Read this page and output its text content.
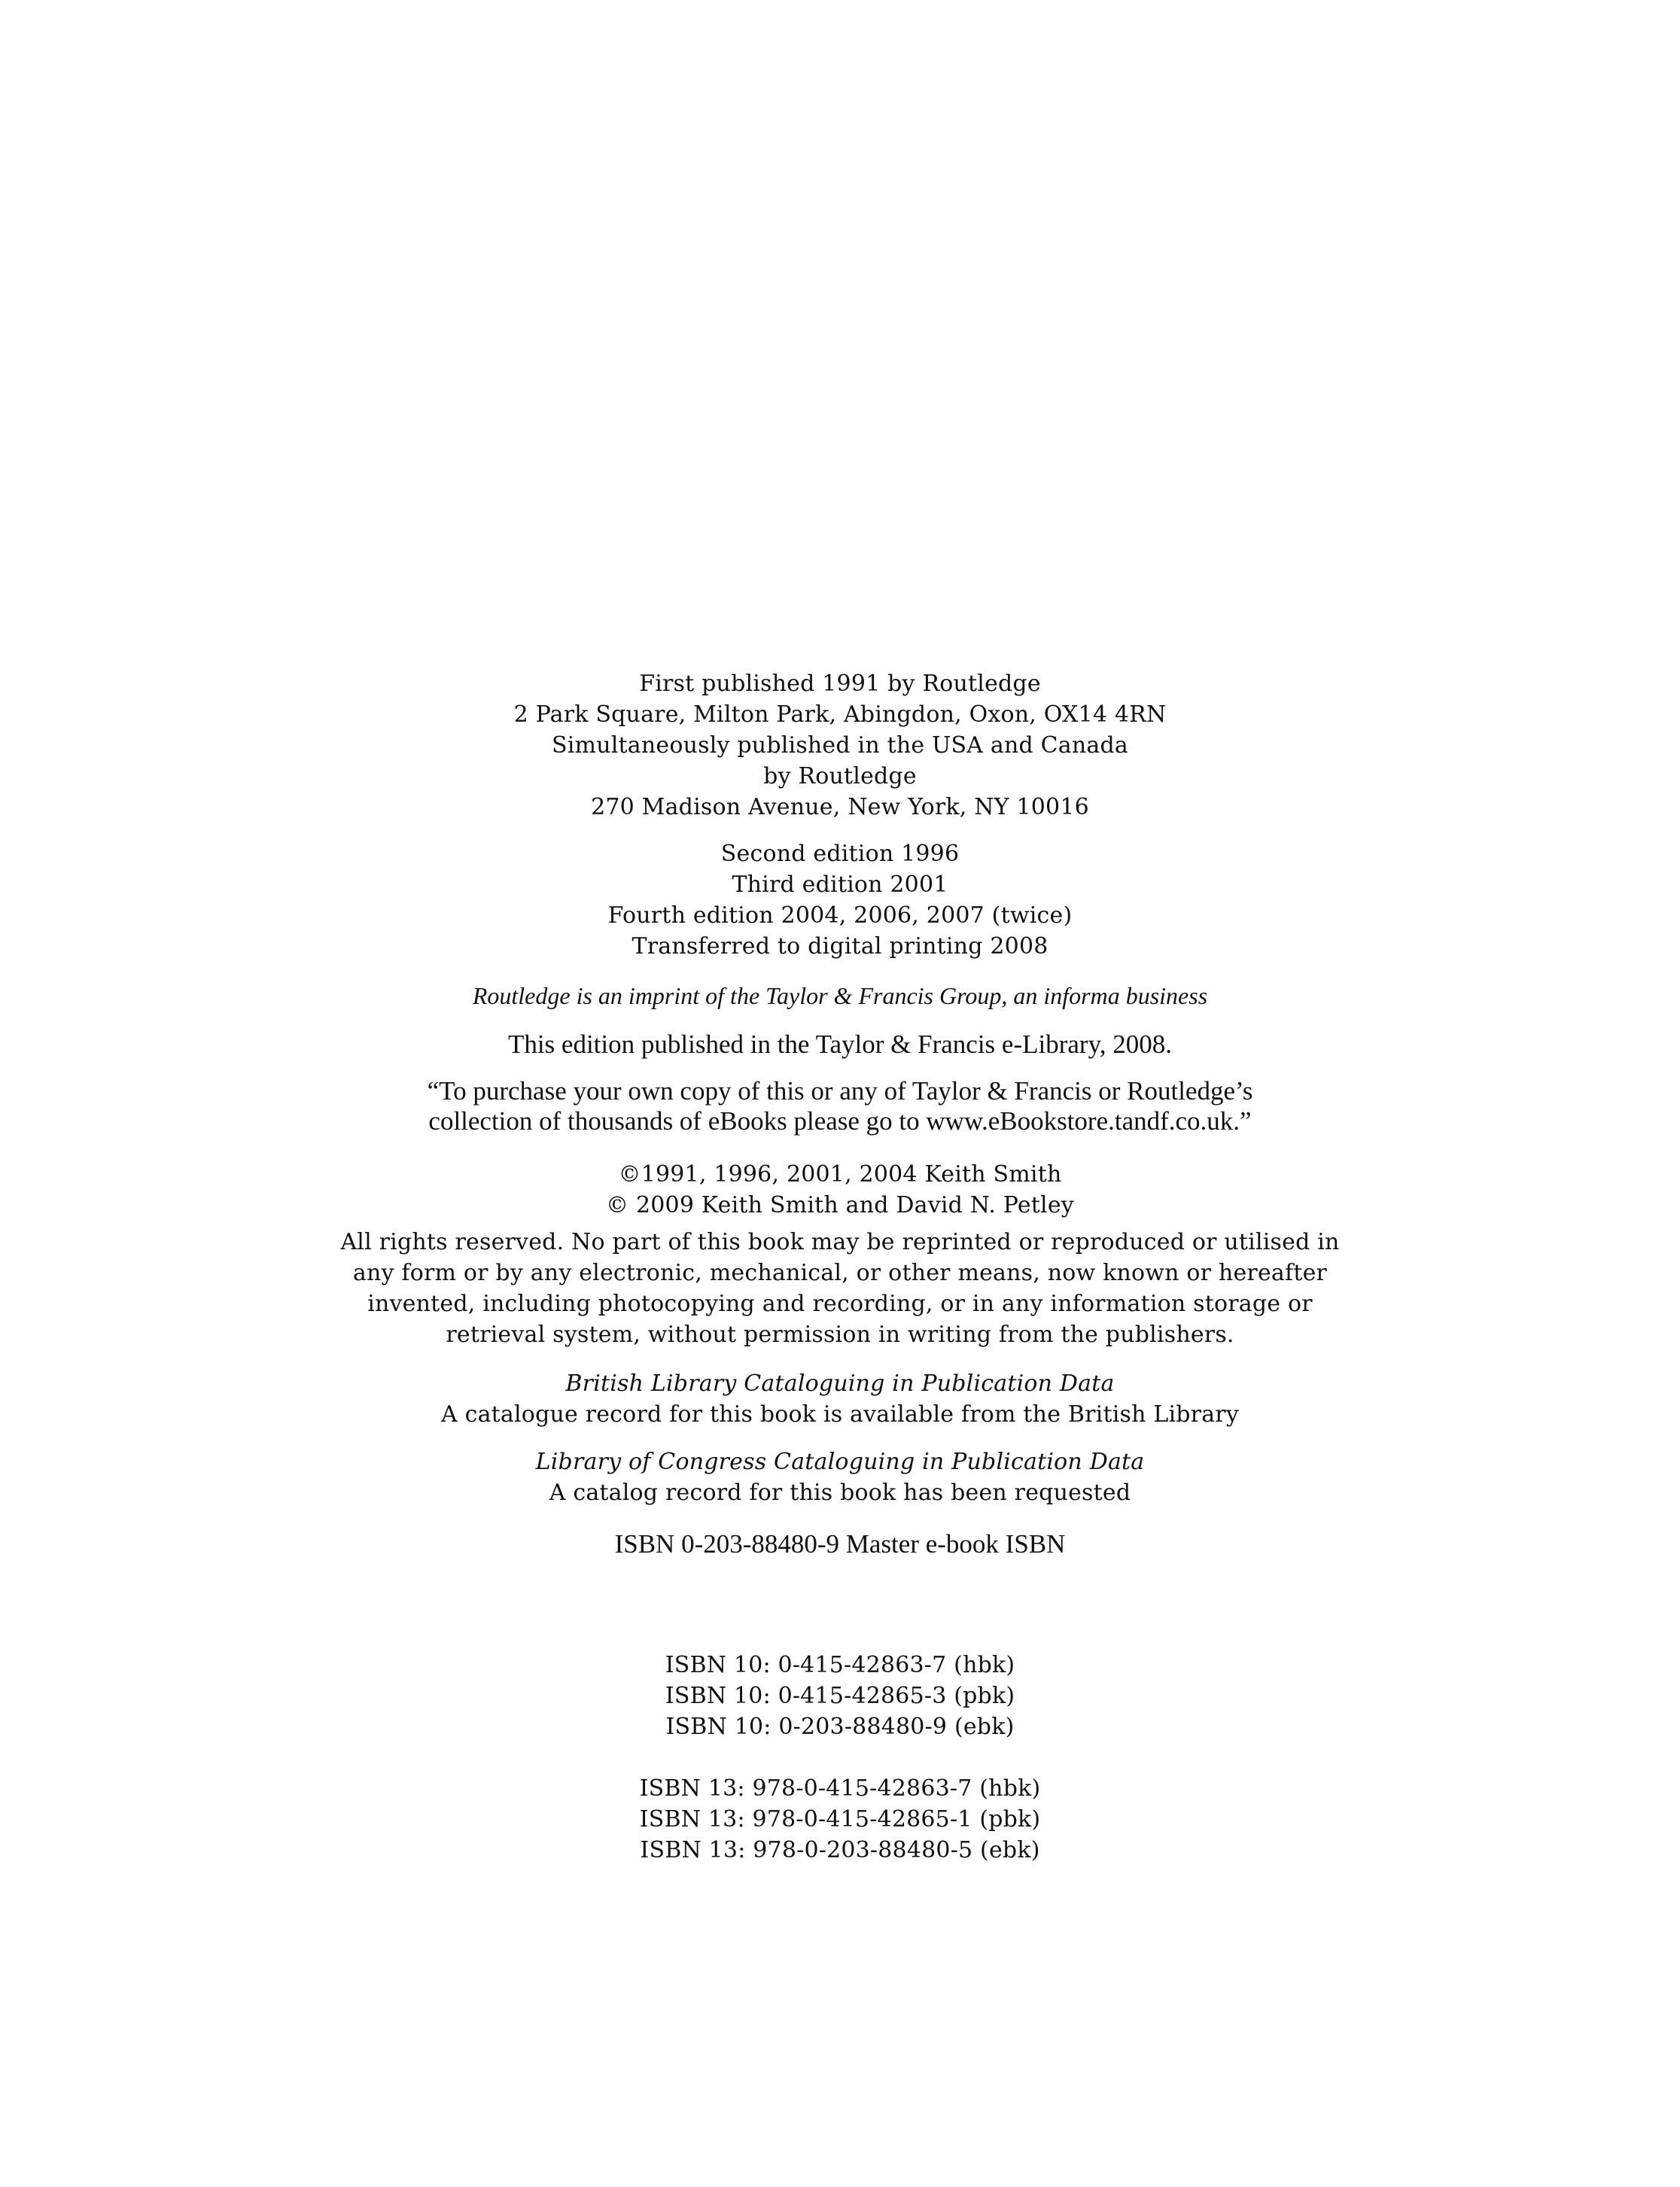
First published 1991 by Routledge
2 Park Square, Milton Park, Abingdon, Oxon, OX14 4RN
Simultaneously published in the USA and Canada
by Routledge
270 Madison Avenue, New York, NY 10016
Second edition 1996
Third edition 2001
Fourth edition 2004, 2006, 2007 (twice)
Transferred to digital printing 2008
Routledge is an imprint of the Taylor & Francis Group, an informa business
This edition published in the Taylor & Francis e-Library, 2008.
“To purchase your own copy of this or any of Taylor & Francis or Routledge’s
collection of thousands of eBooks please go to www.eBookstore.tandf.co.uk.”
©1991, 1996, 2001, 2004 Keith Smith
© 2009 Keith Smith and David N. Petley
All rights reserved. No part of this book may be reprinted or reproduced or utilised in
any form or by any electronic, mechanical, or other means, now known or hereafter
invented, including photocopying and recording, or in any information storage or
retrieval system, without permission in writing from the publishers.
British Library Cataloguing in Publication Data
A catalogue record for this book is available from the British Library
Library of Congress Cataloguing in Publication Data
A catalog record for this book has been requested
ISBN 0-203-88480-9 Master e-book ISBN
ISBN 10: 0-415-42863-7 (hbk)
ISBN 10: 0-415-42865-3 (pbk)
ISBN 10: 0-203-88480-9 (ebk)
ISBN 13: 978-0-415-42863-7 (hbk)
ISBN 13: 978-0-415-42865-1 (pbk)
ISBN 13: 978-0-203-88480-5 (ebk)
